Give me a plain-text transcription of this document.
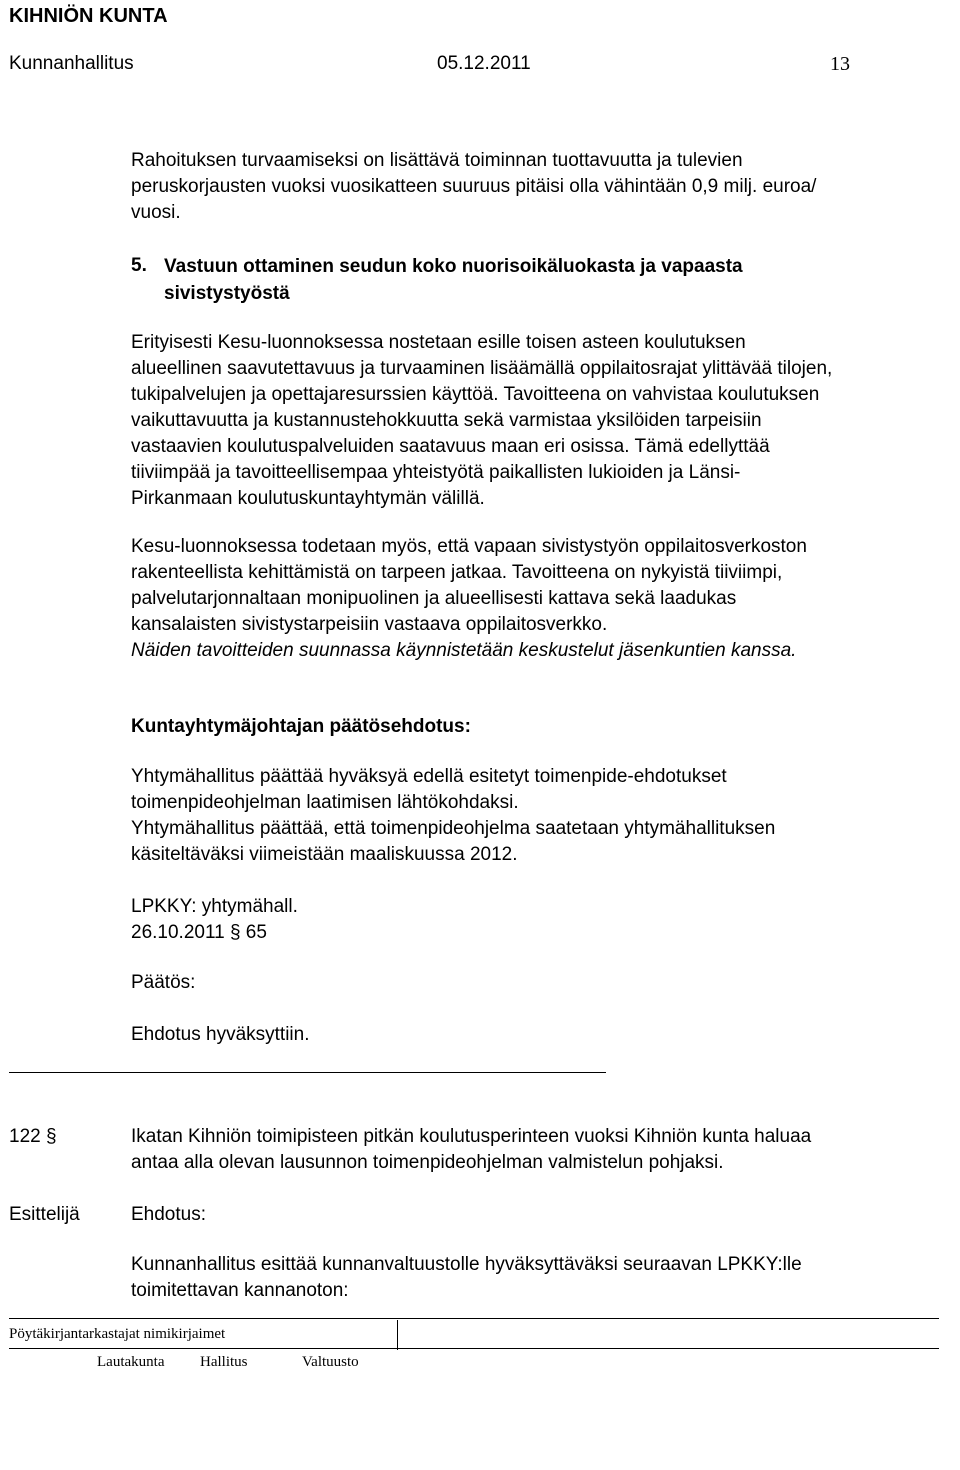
KIHNIÖN KUNTA
Kunnanhallitus	05.12.2011	13
Rahoituksen turvaamiseksi on lisättävä toiminnan tuottavuutta ja tulevien
peruskorjausten vuoksi vuosikatteen suuruus pitäisi olla vähintään 0,9 milj. euroa/
vuosi.
5. Vastuun ottaminen seudun koko nuorisoikäluokasta ja vapaasta
sivistystyöstä
Erityisesti Kesu-luonnoksessa nostetaan esille toisen asteen koulutuksen
alueellinen saavutettavuus ja turvaaminen lisäämällä oppilaitosrajat ylittävää tilojen,
tukipalvelujen ja opettajaresurssien käyttöä. Tavoitteena on vahvistaa koulutuksen
vaikuttavuutta ja kustannustehokkuutta sekä varmistaa yksilöiden tarpeisiin
vastaavien koulutuspalveluiden saatavuus maan eri osissa. Tämä edellyttää
tiiviimpää ja tavoitteellisempaa yhteistyötä paikallisten lukioiden ja Länsi-
Pirkanmaan koulutuskuntayhtymän välillä.
Kesu-luonnoksessa todetaan myös, että vapaan sivistystyön oppilaitosverkoston
rakenteellista kehittämistä on tarpeen jatkaa. Tavoitteena on nykyistä tiiviimpi,
palvelutarjonnaltaan monipuolinen ja alueellisesti kattava sekä laadukas
kansalaisten sivistystarpeisiin vastaava oppilaitosverkko.
Näiden tavoitteiden suunnassa käynnistetään keskustelut jäsenkuntien kanssa.
Kuntayhtymäjohtajan päätösehdotus:
Yhtymähallitus päättää hyväksyä edellä esitetyt toimenpide-ehdotukset
toimenpideohjelman laatimisen lähtökohdaksi.
Yhtymähallitus päättää, että toimenpideohjelma saatetaan yhtymähallituksen
käsiteltäväksi viimeistään maaliskuussa 2012.
LPKKY: yhtymähall.
26.10.2011 § 65
Päätös:
Ehdotus hyväksyttiin.
122 §	Ikatan Kihniön toimipisteen pitkän koulutusperinteen vuoksi Kihniön kunta haluaa
antaa alla olevan lausunnon toimenpideohjelman valmistelun pohjaksi.
Esittelijä	Ehdotus:
Kunnanhallitus esittää kunnanvaltuustolle hyväksyttäväksi seuraavan LPKKY:lle
toimitettavan kannanoton:
Pöytäkirjantarkastajat nimikirjaimet
Lautakunta Hallitus	Valtuusto
